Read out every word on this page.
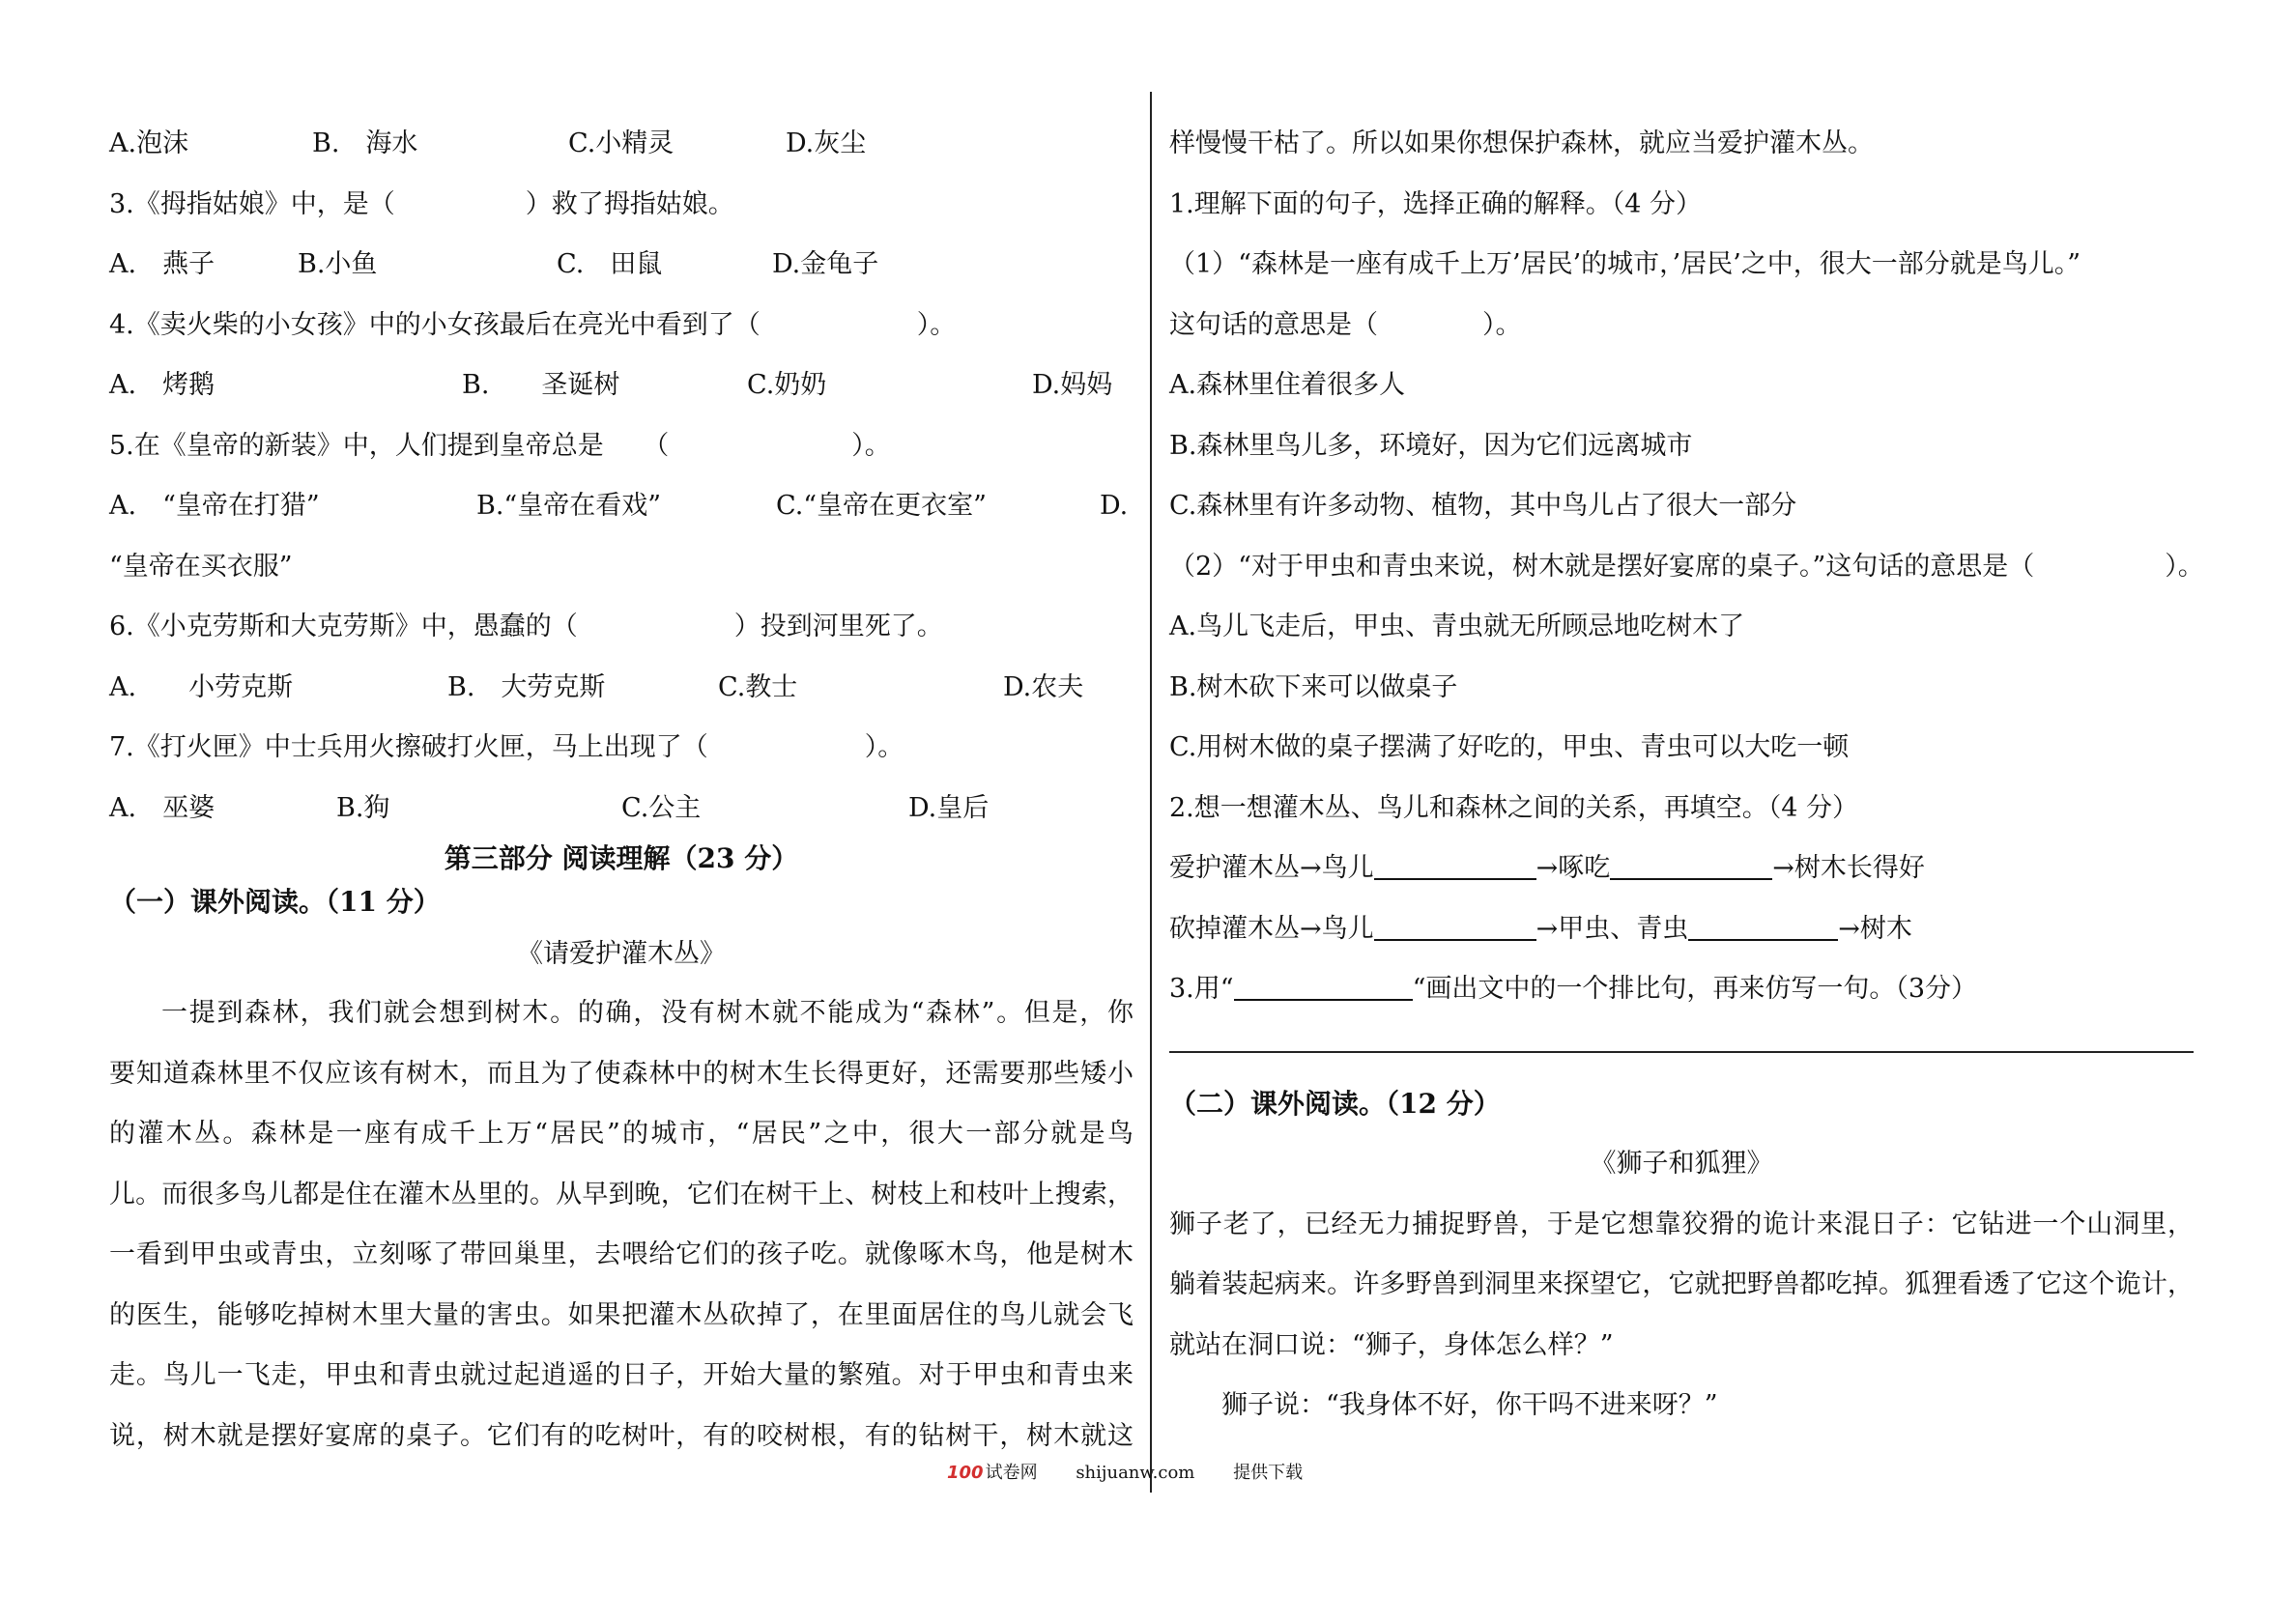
A.泡沫	B.　海水	C.小精灵	D.灰尘
3.《拇指姑娘》中，是（　　　　　）救了拇指姑娘。
A.　燕子	B.小鱼	C.　田鼠	D.金龟子
4.《卖火柴的小女孩》中的小女孩最后在亮光中看到了（　　　　　　）。
A.　烤鹅	B.　　圣诞树	C.奶奶	D.妈妈
5.在《皇帝的新装》中，人们提到皇帝总是　　（　　　　　　　）。
A.　“皇帝在打猎”	B.“皇帝在看戏”	C.“皇帝在更衣室”	D.
“皇帝在买衣服”
6.《小克劳斯和大克劳斯》中，愚蠢的（　　　　　　）投到河里死了。
A.　　小劳克斯	B.　大劳克斯	C.教士	D.农夫
7.《打火匣》中士兵用火擦破打火匣，马上出现了（　　　　　　）。
A.　巫婆	B.狗	C.公主	D.皇后
第三部分 阅读理解（23 分）
（一）课外阅读。（11 分）
《请爱护灌木丛》
一提到森林，我们就会想到树木。的确，没有树木就不能成为“森林”。但是，你
要知道森林里不仅应该有树木，而且为了使森林中的树木生长得更好，还需要那些矮小
的灌木丛。森林是一座有成千上万“居民”的城市，“居民”之中，很大一部分就是鸟
儿。而很多鸟儿都是住在灌木丛里的。从早到晚，它们在树干上、树枝上和枝叶上搜索，
一看到甲虫或青虫，立刻啄了带回巢里，去喂给它们的孩子吃。就像啄木鸟，他是树木
的医生，能够吃掉树木里大量的害虫。如果把灌木丛砍掉了，在里面居住的鸟儿就会飞
走。鸟儿一飞走，甲虫和青虫就过起逍遥的日子，开始大量的繁殖。对于甲虫和青虫来
说，树木就是摆好宴席的桌子。它们有的吃树叶，有的咬树根，有的钻树干，树木就这
样慢慢干枯了。所以如果你想保护森林，就应当爱护灌木丛。
1.理解下面的句子，选择正确的解释。（4 分）
（1）“森林是一座有成千上万’居民’的城市，’居民’之中，很大一部分就是鸟儿。”
这句话的意思是（　　　　）。
A.森林里住着很多人
B.森林里鸟儿多，环境好，因为它们远离城市
C.森林里有许多动物、植物，其中鸟儿占了很大一部分
（2）“对于甲虫和青虫来说，树木就是摆好宴席的桌子。”这句话的意思是（　　　　　）。
A.鸟儿飞走后，甲虫、青虫就无所顾忌地吃树木了
B.树木砍下来可以做桌子
C.用树木做的桌子摆满了好吃的，甲虫、青虫可以大吃一顿
2.想一想灌木丛、鸟儿和森林之间的关系，再填空。（4 分）
爱护灌木丛→鸟儿	→啄吃	→树木长得好
砍掉灌木丛→鸟儿	→甲虫、青虫	→树木
3.用“	“画出文中的一个排比句，再来仿写一句。（3分）
（二）课外阅读。（12 分）
《狮子和狐狸》
狮子老了，已经无力捕捉野兽，于是它想靠狡猾的诡计来混日子：它钻进一个山洞里，
躺着装起病来。许多野兽到洞里来探望它，它就把野兽都吃掉。狐狸看透了它这个诡计，
就站在洞口说：“狮子，身体怎么样？”
狮子说：“我身体不好，你干吗不进来呀？”
100 试卷网 shijuanw.com 提供下载
